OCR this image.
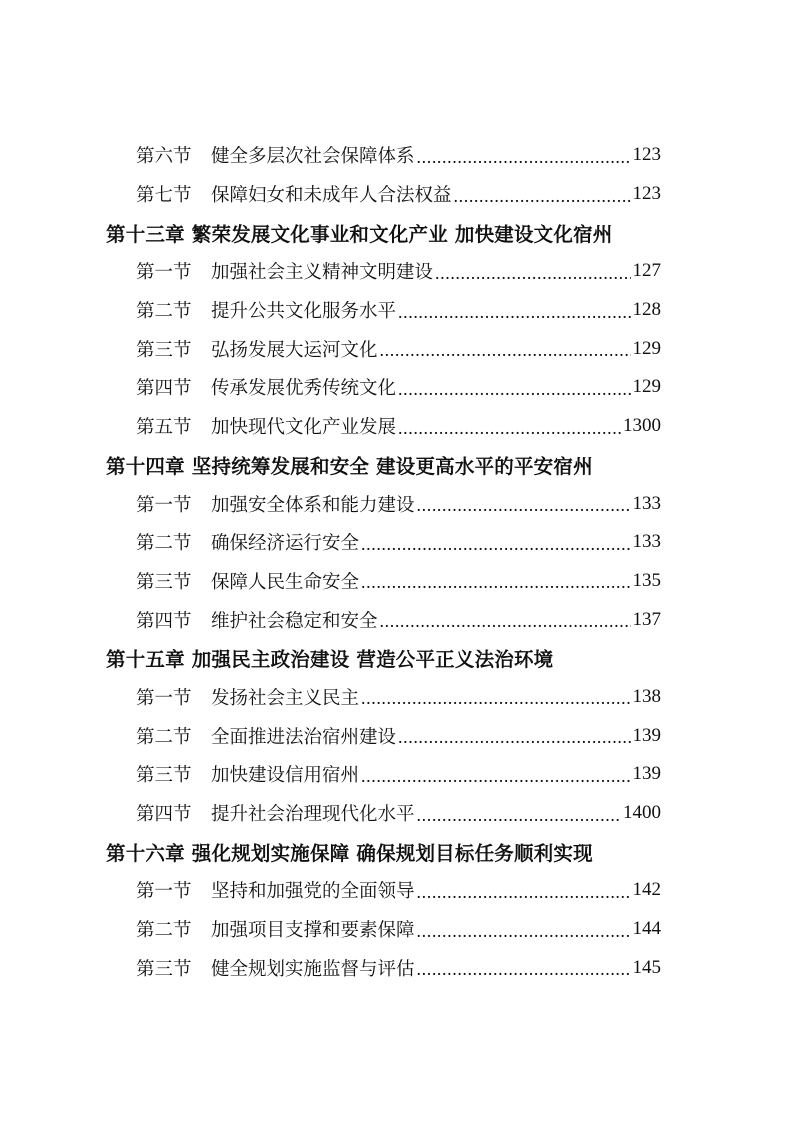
第六节	健全多层次社会保障体系 .....	123
第七节	保障妇女和未成年人合法权益 .....	123
第十三章 繁荣发展文化事业和文化产业 加快建设文化宿州
第一节	加强社会主义精神文明建设 .....	127
第二节	提升公共文化服务水平 .....	128
第三节	弘扬发展大运河文化 .....	129
第四节	传承发展优秀传统文化 .....	129
第五节	加快现代文化产业发展 .....	1300
第十四章 坚持统筹发展和安全 建设更高水平的平安宿州
第一节	加强安全体系和能力建设 .....	133
第二节	确保经济运行安全 .....	133
第三节	保障人民生命安全 .....	135
第四节	维护社会稳定和安全 .....	137
第十五章 加强民主政治建设 营造公平正义法治环境
第一节	发扬社会主义民主 .....	138
第二节	全面推进法治宿州建设 .....	139
第三节	加快建设信用宿州 .....	139
第四节	提升社会治理现代化水平 .....	1400
第十六章 强化规划实施保障 确保规划目标任务顺利实现
第一节	坚持和加强党的全面领导 .....	142
第二节	加强项目支撑和要素保障 .....	144
第三节	健全规划实施监督与评估 .....	145
